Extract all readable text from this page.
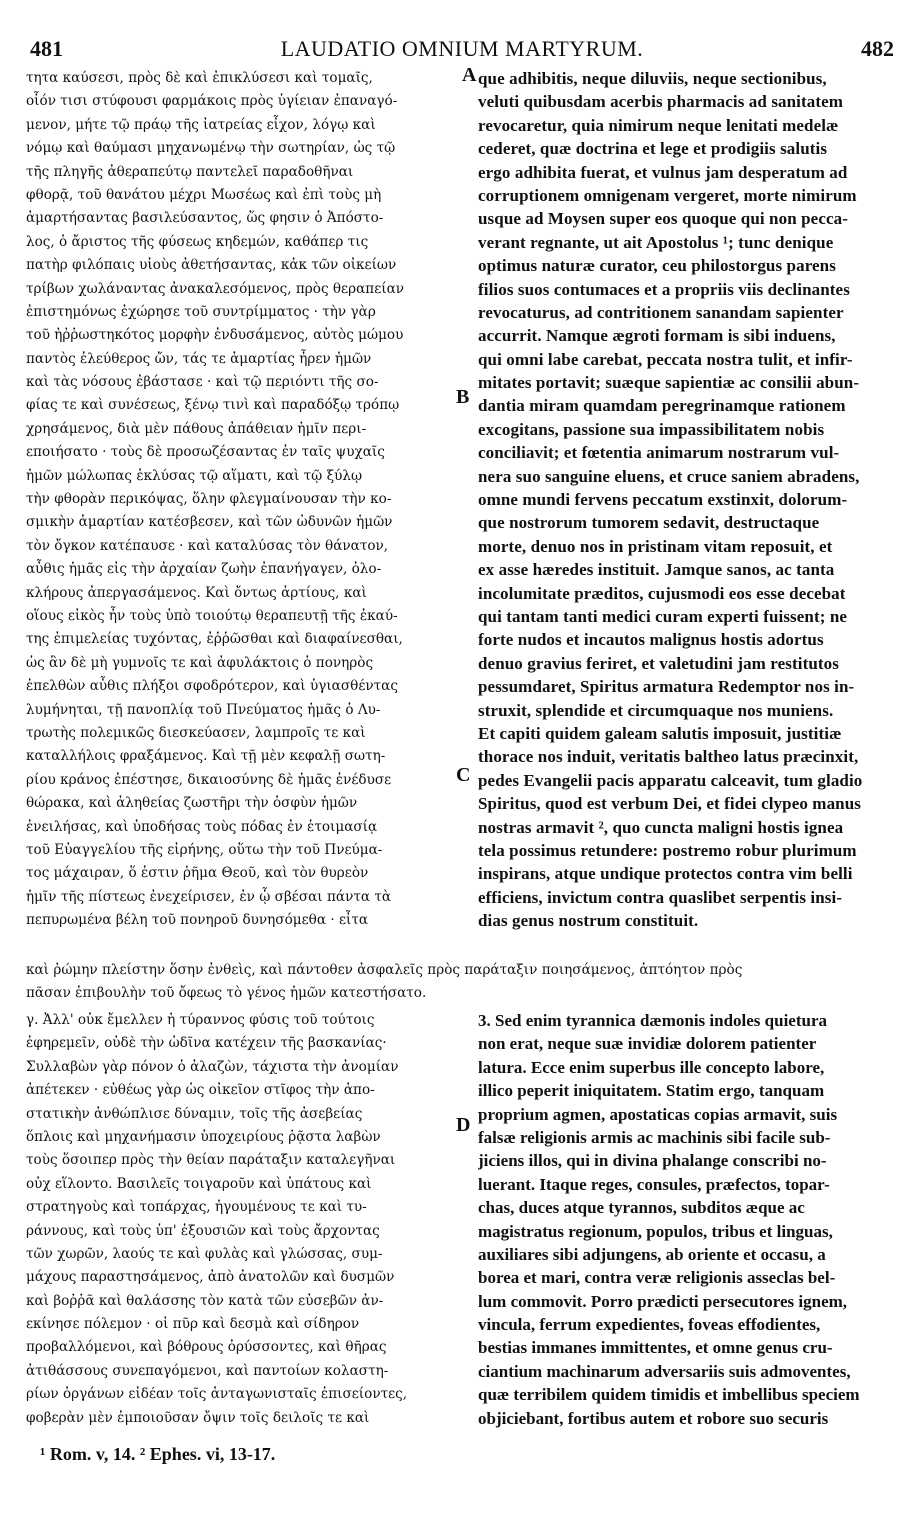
481	LAUDATIO OMNIUM MARTYRUM.	482
τητα καύσεσι, πρὸς δὲ καὶ ἐπικλύσεσι καὶ τομαῖς,
οἷόν τισι στύφουσι φαρμάκοις πρὸς ὑγίειαν ἐπαναγό-
μενον, μήτε τῷ πράῳ τῆς ἰατρείας εἶχον, λόγῳ καὶ
νόμῳ καὶ θαύμασι μηχανωμένῳ τὴν σωτηρίαν, ὡς τῷ
τῆς πληγῆς ἀθεραπεύτῳ παντελεῖ παραδοθῆναι
φθορᾷ, τοῦ θανάτου μέχρι Μωσέως καὶ ἐπὶ τοὺς μὴ
ἁμαρτήσαντας βασιλεύσαντος, ὥς φησιν ὁ Ἀπόστο-
λος, ὁ ἄριστος τῆς φύσεως κηδεμών, καθάπερ τις
πατὴρ φιλόπαις υἱοὺς ἀθετήσαντας, κἀκ τῶν οἰκείων
τρίβων χωλάναντας ἀνακαλεσόμενος, πρὸς θεραπείαν
ἐπιστημόνως ἐχώρησε τοῦ συντρίμματος · τὴν γὰρ
τοῦ ἠῤῥωστηκότος μορφὴν ἐνδυσάμενος, αὐτὸς μώμου
παντὸς ἐλεύθερος ὤν, τάς τε ἁμαρτίας ἦρεν ἡμῶν
καὶ τὰς νόσους ἐβάστασε · καὶ τῷ περιόντι τῆς σο-
φίας τε καὶ συνέσεως, ξένῳ τινὶ καὶ παραδόξῳ τρόπῳ
χρησάμενος, διὰ μὲν πάθους ἀπάθειαν ἡμῖν περι-
εποιήσατο · τοὺς δὲ προσωζέσαντας ἐν ταῖς ψυχαῖς
ἡμῶν μώλωπας ἐκλύσας τῷ αἵματι, καὶ τῷ ξύλῳ
τὴν φθορὰν περικόψας, ὅλην φλεγμαίνουσαν τὴν κο-
σμικὴν ἁμαρτίαν κατέσβεσεν, καὶ τῶν ὠδυνῶν ἡμῶν
τὸν ὄγκον κατέπαυσε · καὶ καταλύσας τὸν θάνατον,
αὖθις ἡμᾶς εἰς τὴν ἀρχαίαν ζωὴν ἐπανήγαγεν, ὁλο-
κλήρους ἀπεργασάμενος. Καὶ ὄντως ἀρτίους, καὶ
οἵους εἰκὸς ἦν τοὺς ὑπὸ τοιούτῳ θεραπευτῇ τῆς ἐκαύ-
της ἐπιμελείας τυχόντας, ἐῤῥῶσθαι καὶ διαφαίνεσθαι,
ὡς ἂν δὲ μὴ γυμνοῖς τε καὶ ἀφυλάκτοις ὁ πονηρὸς
ἐπελθὼν αὖθις πλήξοι σφοδρότερον, καὶ ὑγιασθέντας
λυμήνηται, τῇ πανοπλίᾳ τοῦ Πνεύματος ἡμᾶς ὁ Λυ-
τρωτὴς πολεμικῶς διεσκεύασεν, λαμπροῖς τε καὶ
καταλλήλοις φραξάμενος. Καὶ τῇ μὲν κεφαλῇ σωτη-
ρίου κράνος ἐπέστησε, δικαιοσύνης δὲ ἡμᾶς ἐνέδυσε
θώρακα, καὶ ἀληθείας ζωστῆρι τὴν ὀσφὺν ἡμῶν
ἐνειλήσας, καὶ ὑποδήσας τοὺς πόδας ἐν ἑτοιμασίᾳ
τοῦ Εὐαγγελίου τῆς εἰρήνης, οὕτω τὴν τοῦ Πνεύμα-
τος μάχαιραν, ὅ ἐστιν ῥῆμα Θεοῦ, καὶ τὸν θυρεὸν
ἡμῖν τῆς πίστεως ἐνεχείρισεν, ἐν ᾧ σβέσαι πάντα τὰ
πεπυρωμένα βέλη τοῦ πονηροῦ δυνησόμεθα · εἶτα
que adhibitis, neque diluviis, neque sectionibus,
veluti quibusdam acerbis pharmacis ad sanitatem
revocaretur, quia nimirum neque lenitati medelæ
cederet, quæ doctrina et lege et prodigiis salutis
ergo adhibita fuerat, et vulnus jam desperatum ad
corruptionem omnigenam vergeret, morte nimirum
usque ad Moysen super eos quoque qui non pecca-
verant regnante, ut ait Apostolus ¹; tunc denique
optimus naturæ curator, ceu philostorgus parens
filios suos contumaces et a propriis viis declinantes
revocaturus, ad contritionem sanandam sapienter
accurrit. Namque ægroti formam is sibi induens,
qui omni labe carebat, peccata nostra tulit, et infir-
mitates portavit; suæque sapientiæ ac consilii abun-
dantia miram quamdam peregrinamque rationem
excogitans, passione sua impassibilitatem nobis
conciliavit; et fœtentia animarum nostrarum vul-
nera suo sanguine eluens, et cruce saniem abradens,
omne mundi fervens peccatum exstinxit, dolorum-
que nostrorum tumorem sedavit, destructaque
morte, denuo nos in pristinam vitam reposuit, et
ex asse hæredes instituit. Jamque sanos, ac tanta
incolumitate præditos, cujusmodi eos esse decebat
qui tantam tanti medici curam experti fuissent; ne
forte nudos et incautos malignus hostis adortus
denuo gravius feriret, et valetudini jam restitutos
pessumdaret, Spiritus armatura Redemptor nos in-
struxit, splendide et circumquaque nos muniens.
Et capiti quidem galeam salutis imposuit, justitiæ
thorace nos induit, veritatis baltheo latus præcinxit,
pedes Evangelii pacis apparatu calceavit, tum gladio
Spiritus, quod est verbum Dei, et fidei clypeo manus
nostras armavit ², quo cuncta maligni hostis ignea
tela possimus retundere: postremo robur plurimum
inspirans, atque undique protectos contra vim belli
efficiens, invictum contra quaslibet serpentis insi-
dias genus nostrum constituit.
καὶ ῥώμην πλείστην ὅσην ἐνθεὶς, καὶ πάντοθεν ἀσφαλεῖς πρὸς παράταξιν ποιησάμενος, ἀπτόητον πρὸς
πᾶσαν ἐπιβουλὴν τοῦ ὄφεως τὸ γένος ἡμῶν κατεστήσατο.
γ. Ἀλλ' οὐκ ἔμελλεν ἡ τύραννος φύσις τοῦ τούτοις
ἐφηρεμεῖν, οὐδὲ τὴν ὠδῖνα κατέχειν τῆς βασκανίας·
Συλλαβὼν γὰρ πόνον ὁ ἀλαζὼν, τάχιστα τὴν ἀνομίαν
ἀπέτεκεν · εὐθέως γὰρ ὡς οἰκεῖον στῖφος τὴν ἀπο-
στατικὴν ἀνθώπλισε δύναμιν, τοῖς τῆς ἀσεβείας
ὅπλοις καὶ μηχανήμασιν ὑποχειρίους ῥᾷστα λαβὼν
τοὺς ὅσοιπερ πρὸς τὴν θείαν παράταξιν καταλεγῆναι
οὐχ εἵλοντο. Βασιλεῖς τοιγαροῦν καὶ ὑπάτους καὶ
στρατηγοὺς καὶ τοπάρχας, ἡγουμένους τε καὶ τυ-
ράννους, καὶ τοὺς ὑπ' ἐξουσιῶν καὶ τοὺς ἄρχοντας
τῶν χωρῶν, λαούς τε καὶ φυλὰς καὶ γλώσσας, συμ-
μάχους παραστησάμενος, ἀπὸ ἀνατολῶν καὶ δυσμῶν
καὶ βοῤῥᾶ καὶ θαλάσσης τὸν κατὰ τῶν εὐσεβῶν ἀν-
εκίνησε πόλεμον · οἱ πῦρ καὶ δεσμὰ καὶ σίδηρον
προβαλλόμενοι, καὶ βόθρους ὀρύσσοντες, καὶ θῆρας
ἀτιθάσσους συνεπαγόμενοι, καὶ παντοίων κολαστη-
ρίων ὀργάνων εἰδέαν τοῖς ἀνταγωνισταῖς ἐπισείοντες,
φοβερὰν μὲν ἐμποιοῦσαν ὄψιν τοῖς δειλοῖς τε καὶ
3. Sed enim tyrannica dæmonis indoles quietura
non erat, neque suæ invidiæ dolorem patienter
latura. Ecce enim superbus ille concepto labore,
illico peperit iniquitatem. Statim ergo, tanquam
proprium agmen, apostaticas copias armavit, suis
falsæ religionis armis ac machinis sibi facile sub-
jiciens illos, qui in divina phalange conscribi no-
luerant. Itaque reges, consules, præfectos, topar-
chas, duces atque tyrannos, subditos æque ac
magistratus regionum, populos, tribus et linguas,
auxiliares sibi adjungens, ab oriente et occasu, a
borea et mari, contra veræ religionis asseclas bel-
lum commovit. Porro prædicti persecutores ignem,
vincula, ferrum expedientes, foveas effodientes,
bestias immanes immittentes, et omne genus cru-
ciantium machinarum adversariis suis admoventes,
quæ terribilem quidem timidis et imbellibus speciem
objiciebant, fortibus autem et robore suo securis
A
B
C
D
¹ Rom. v, 14. ² Ephes. vi, 13-17.
